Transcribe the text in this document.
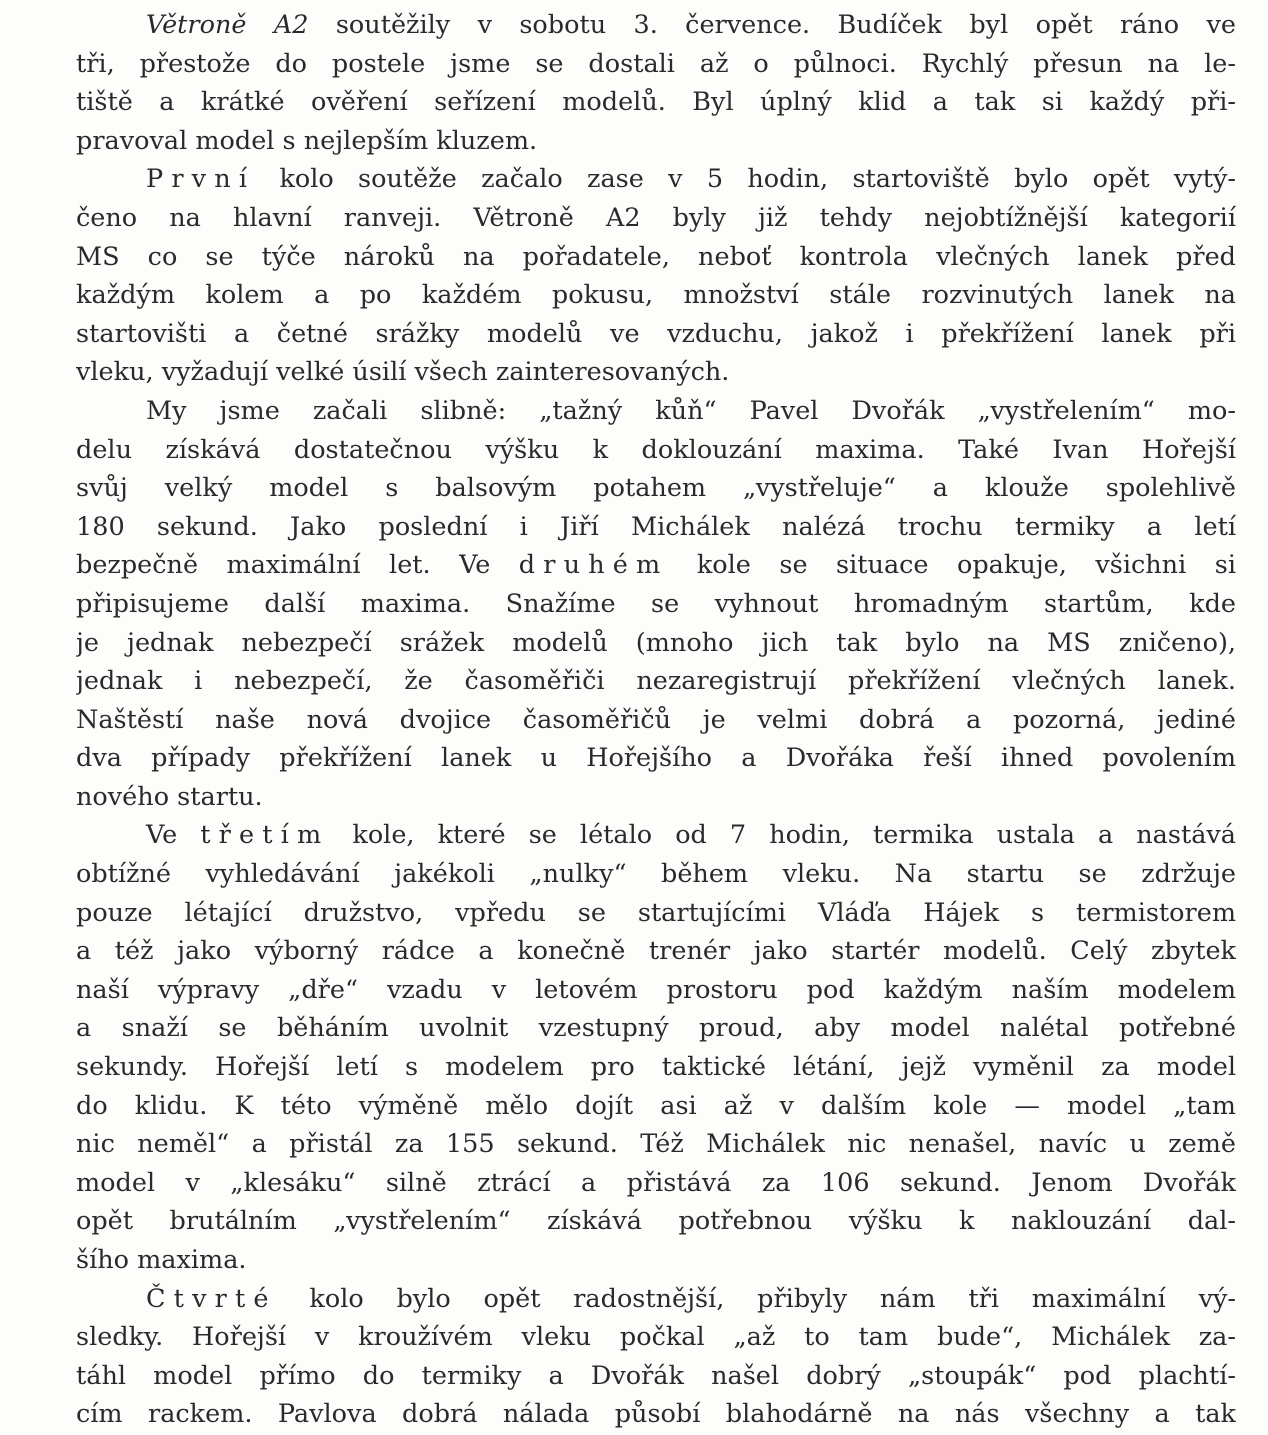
Větroně A2 soutěžily v sobotu 3. července. Budíček byl opět ráno ve
tři, přestože do postele jsme se dostali až o půlnoci. Rychlý přesun na le-
tiště a krátké ověření seřízení modelů. Byl úplný klid a tak si každý při-
pravoval model s nejlepším kluzem.
První kolo soutěže začalo zase v 5 hodin, startoviště bylo opět vytý-
čeno na hlavní ranveji. Větroně A2 byly již tehdy nejobtížnější kategorií
MS co se týče nároků na pořadatele, neboť kontrola vlečných lanek před
každým kolem a po každém pokusu, množství stále rozvinutých lanek na
startovišti a četné srážky modelů ve vzduchu, jakož i překřížení lanek při
vleku, vyžadují velké úsilí všech zainteresovaných.
My jsme začali slibně: „tažný kůň“ Pavel Dvořák „vystřelením“ mo-
delu získává dostatečnou výšku k doklouzání maxima. Také Ivan Hořejší
svůj velký model s balsovým potahem „vystřeluje“ a klouže spolehlivě
180 sekund. Jako poslední i Jiří Michálek nalézá trochu termiky a letí
bezpečně maximální let. Ve druhém kole se situace opakuje, všichni si
připisujeme další maxima. Snažíme se vyhnout hromadným startům, kde
je jednak nebezpečí srážek modelů (mnoho jich tak bylo na MS zničeno),
jednak i nebezpečí, že časoměřiči nezaregistrují překřížení vlečných lanek.
Naštěstí naše nová dvojice časoměřičů je velmi dobrá a pozorná, jediné
dva případy překřížení lanek u Hořejšího a Dvořáka řeší ihned povolením
nového startu.
Ve třetím kole, které se létalo od 7 hodin, termika ustala a nastává
obtížné vyhledávání jakékoli „nulky“ během vleku. Na startu se zdržuje
pouze létající družstvo, vpředu se startujícími Vláďa Hájek s termistorem
a též jako výborný rádce a konečně trenér jako startér modelů. Celý zbytek
naší výpravy „dře“ vzadu v letovém prostoru pod každým naším modelem
a snaží se běháním uvolnit vzestupný proud, aby model nalétal potřebné
sekundy. Hořejší letí s modelem pro taktické létání, jejž vyměnil za model
do klidu. K této výměně mělo dojít asi až v dalším kole — model „tam
nic neměl“ a přistál za 155 sekund. Též Michálek nic nenašel, navíc u země
model v „klesáku“ silně ztrácí a přistává za 106 sekund. Jenom Dvořák
opět brutálním „vystřelením“ získává potřebnou výšku k naklouzání dal-
šího maxima.
Čtvrté kolo bylo opět radostnější, přibyly nám tři maximální vý-
sledky. Hořejší v kroužívém vleku počkal „až to tam bude“, Michálek za-
táhl model přímo do termiky a Dvořák našel dobrý „stoupák“ pod plachtí-
cím rackem. Pavlova dobrá nálada působí blahodárně na nás všechny a tak
